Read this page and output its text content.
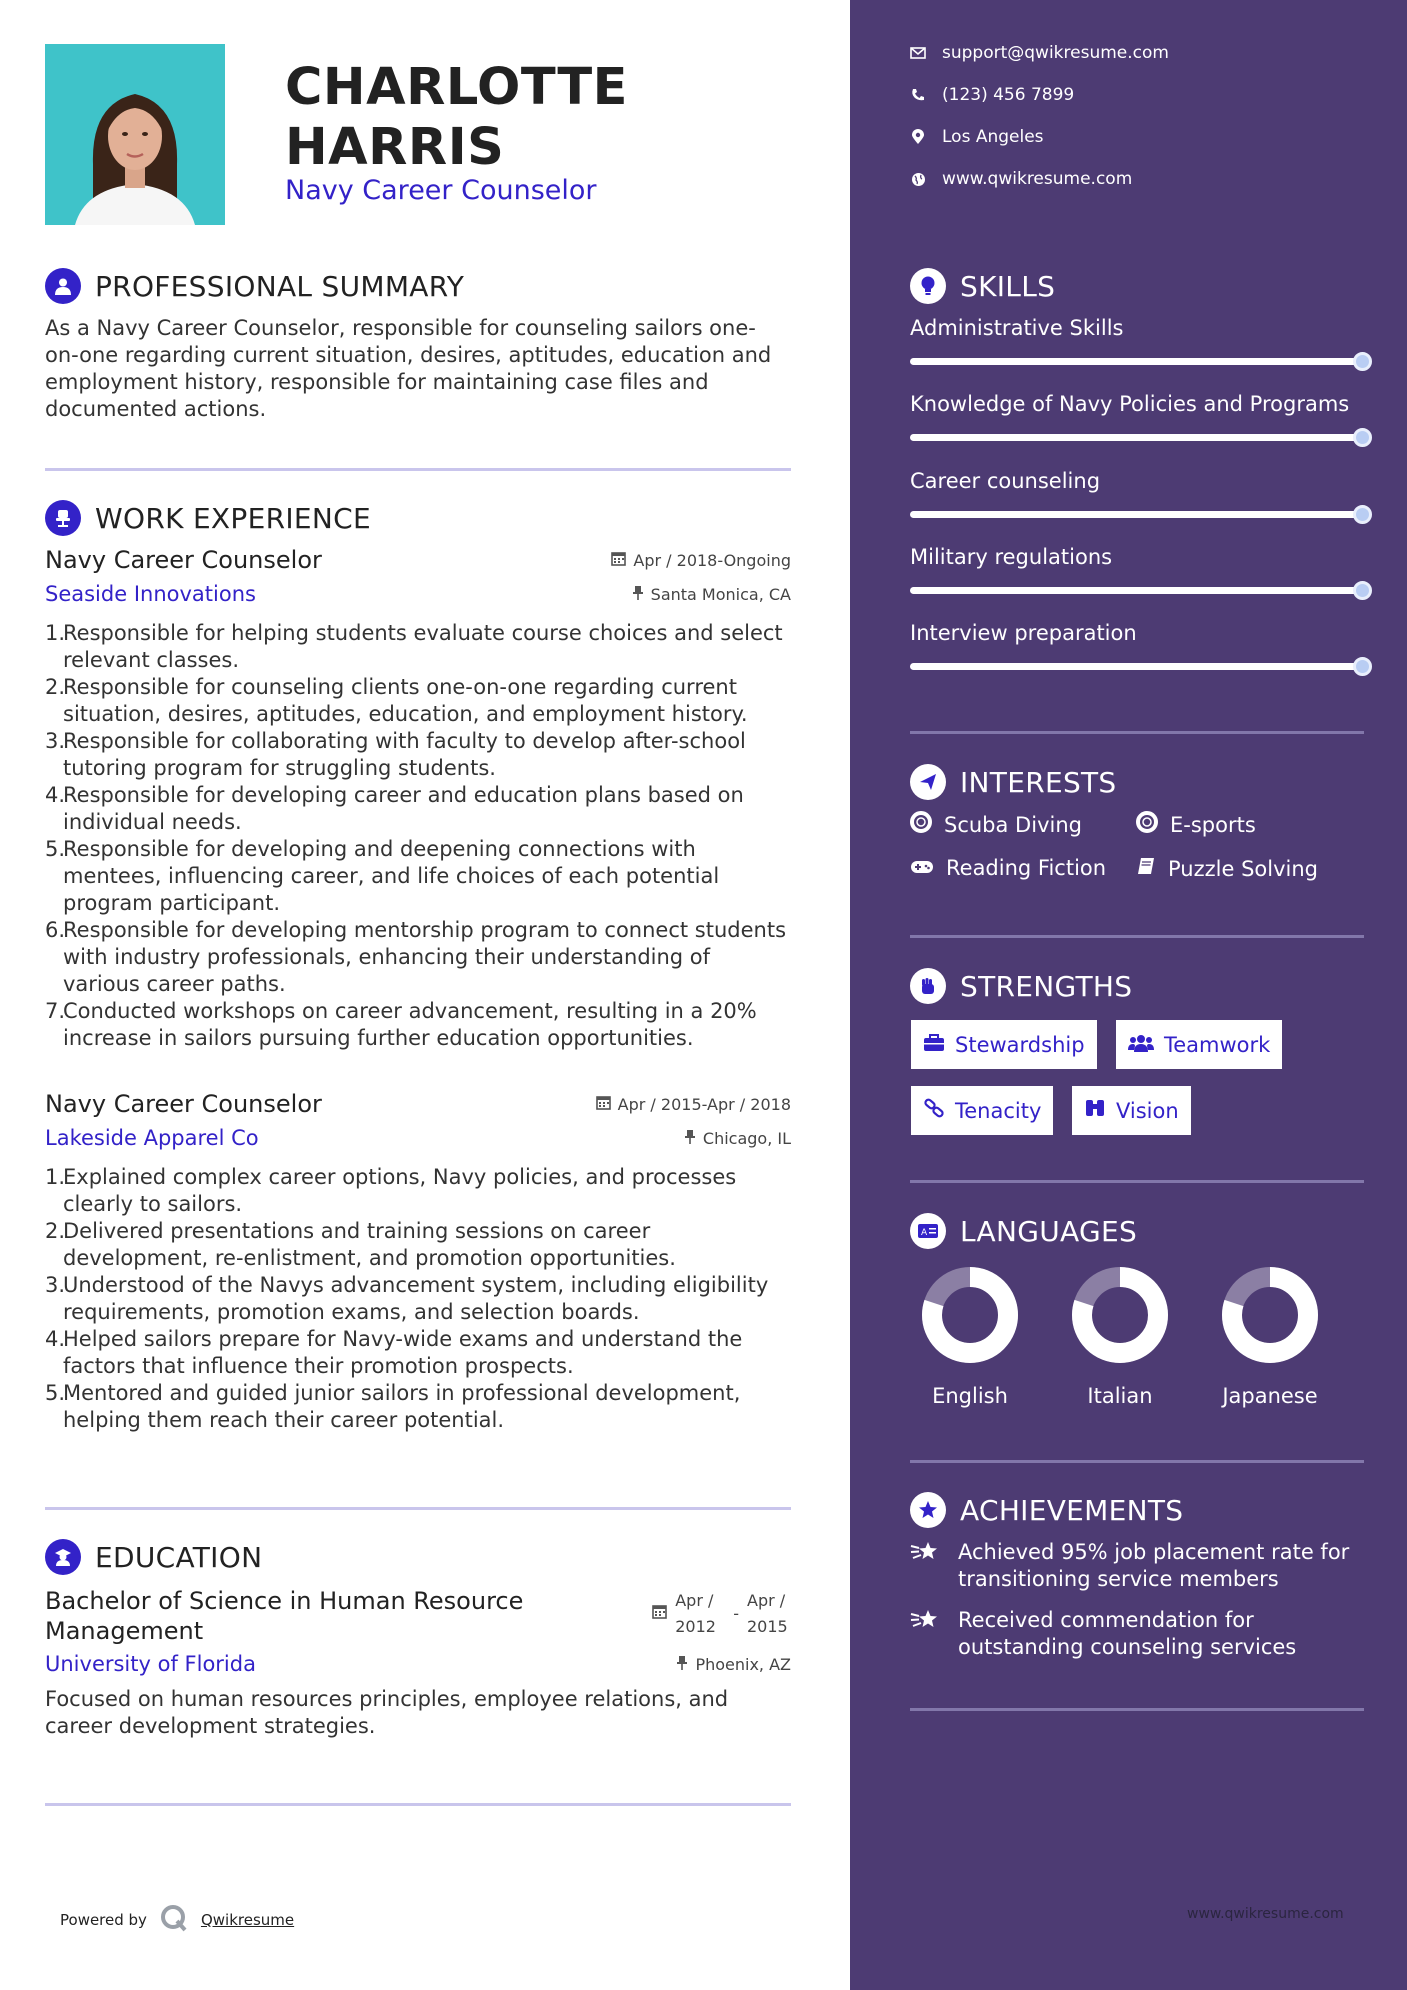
CHARLOTTE
HARRIS
Navy Career Counselor
PROFESSIONAL SUMMARY
As a Navy Career Counselor, responsible for counseling sailors one-on-one regarding current situation, desires, aptitudes, education and employment history, responsible for maintaining case files and documented actions.
WORK EXPERIENCE
Navy Career Counselor	Apr / 2018-Ongoing
Seaside Innovations	Santa Monica, CA
Responsible for helping students evaluate course choices and select relevant classes.
Responsible for counseling clients one-on-one regarding current situation, desires, aptitudes, education, and employment history.
Responsible for collaborating with faculty to develop after-school tutoring program for struggling students.
Responsible for developing career and education plans based on individual needs.
Responsible for developing and deepening connections with mentees, influencing career, and life choices of each potential program participant.
Responsible for developing mentorship program to connect students with industry professionals, enhancing their understanding of various career paths.
Conducted workshops on career advancement, resulting in a 20% increase in sailors pursuing further education opportunities.
Navy Career Counselor	Apr / 2015-Apr / 2018
Lakeside Apparel Co	Chicago, IL
Explained complex career options, Navy policies, and processes clearly to sailors.
Delivered presentations and training sessions on career development, re-enlistment, and promotion opportunities.
Understood of the Navys advancement system, including eligibility requirements, promotion exams, and selection boards.
Helped sailors prepare for Navy-wide exams and understand the factors that influence their promotion prospects.
Mentored and guided junior sailors in professional development, helping them reach their career potential.
EDUCATION
Bachelor of Science in Human Resource
Management
Apr /
2012
-
Apr /
2015
University of Florida	Phoenix, AZ
Focused on human resources principles, employee relations, and career development strategies.
Powered by	Qwikresume
support@qwikresume.com
(123) 456 7899
Los Angeles
www.qwikresume.com
SKILLS
Administrative Skills
Knowledge of Navy Policies and Programs
Career counseling
Military regulations
Interview preparation
INTERESTS
Scuba Diving	E-sports
Reading Fiction	Puzzle Solving
STRENGTHS
Stewardship	Teamwork
Tenacity	Vision
A LANGUAGES
English	Italian	Japanese
ACHIEVEMENTS
Achieved 95% job placement rate for transitioning service members
Received commendation for outstanding counseling services
www.qwikresume.com
